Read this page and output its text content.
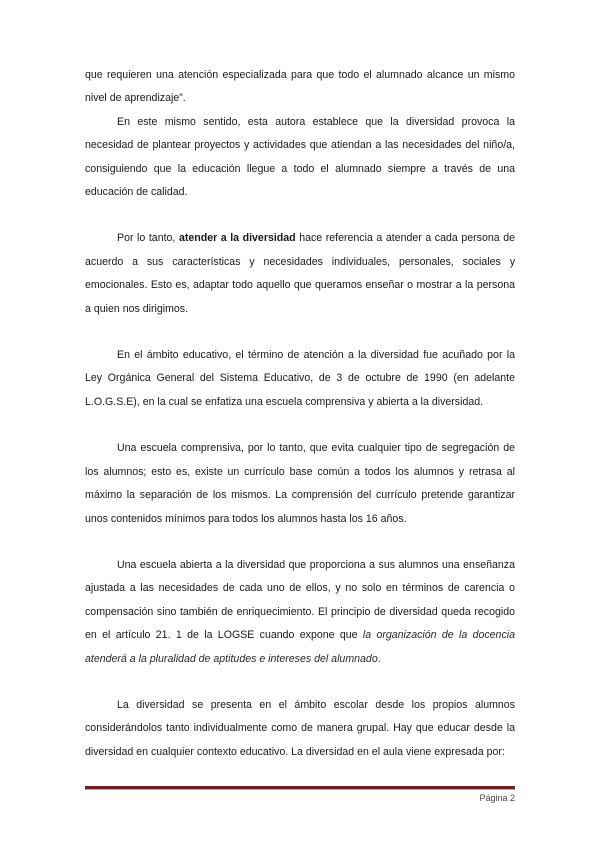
que requieren una atención especializada para que todo el alumnado alcance un mismo nivel de aprendizaje”.

En este mismo sentido, esta autora establece que la diversidad provoca la necesidad de plantear proyectos y actividades que atiendan a las necesidades del niño/a, consiguiendo que la educación llegue a todo el alumnado siempre a través de una educación de calidad.

Por lo tanto, atender a la diversidad hace referencia a atender a cada persona de acuerdo a sus características y necesidades individuales, personales, sociales y emocionales. Esto es, adaptar todo aquello que queramos enseñar o mostrar a la persona a quien nos dirigimos.

En el ámbito educativo, el término de atención a la diversidad fue acuñado por la Ley Orgánica General del Sistema Educativo, de 3 de octubre de 1990 (en adelante L.O.G.S.E), en la cual se enfatiza una escuela comprensiva y abierta a la diversidad.

Una escuela comprensiva, por lo tanto, que evita cualquier tipo de segregación de los alumnos; esto es, existe un currículo base común a todos los alumnos y retrasa al máximo la separación de los mismos. La comprensión del currículo pretende garantizar unos contenidos mínimos para todos los alumnos hasta los 16 años.

Una escuela abierta a la diversidad que proporciona a sus alumnos una enseñanza ajustada a las necesidades de cada uno de ellos, y no solo en términos de carencia o compensación sino también de enriquecimiento. El principio de diversidad queda recogido en el artículo 21. 1 de la LOGSE cuando expone que la organización de la docencia atenderá a la pluralidad de aptitudes e intereses del alumnado.

La diversidad se presenta en el ámbito escolar desde los propios alumnos considerándolos tanto individualmente como de manera grupal. Hay que educar desde la diversidad en cualquier contexto educativo. La diversidad en el aula viene expresada por:

Página 2
